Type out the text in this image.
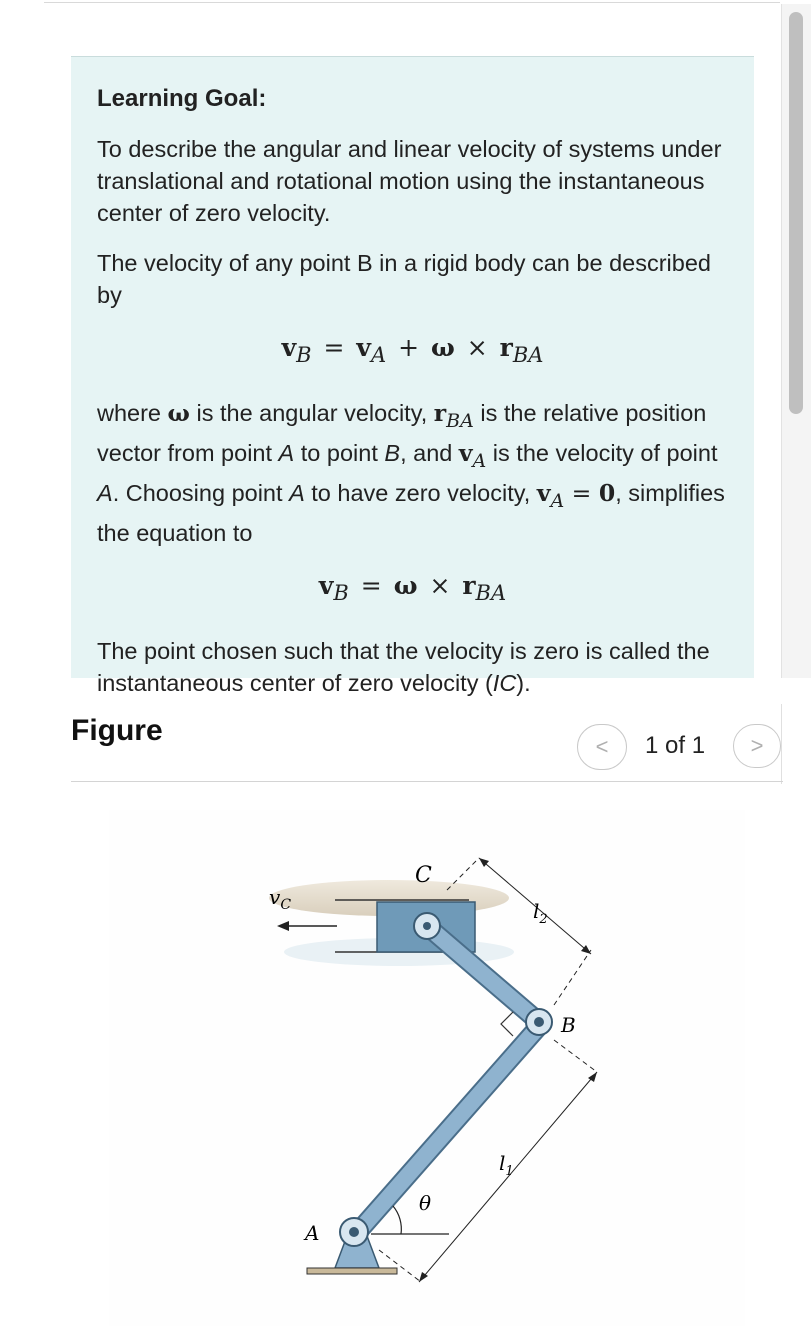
Learning Goal:

To describe the angular and linear velocity of systems under translational and rotational motion using the instantaneous center of zero velocity.

The velocity of any point B in a rigid body can be described by

$v_B = v_A + \omega \times r_{BA}$

where ω is the angular velocity, $r_{BA}$ is the relative position vector from point A to point B, and $v_A$ is the velocity of point A. Choosing point A to have zero velocity, $v_A = 0$, simplifies the equation to

$v_B = \omega \times r_{BA}$

The point chosen such that the velocity is zero is called the instantaneous center of zero velocity (IC).

Figure	<	1 of 1	>
$v_C$
θ
C
B
A
$l_2$
$l_1$
